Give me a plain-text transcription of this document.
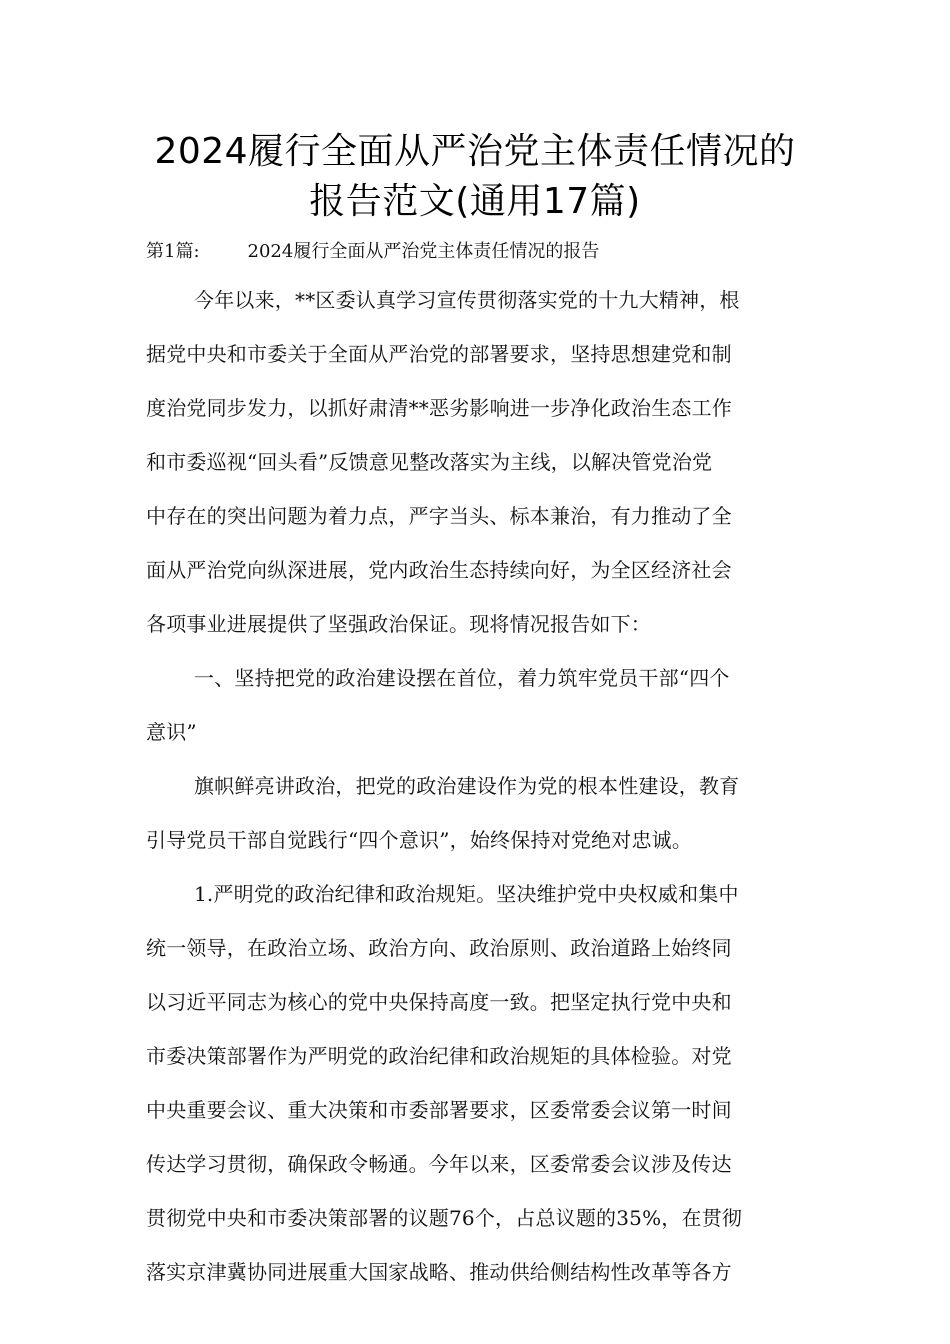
2024履行全面从严治党主体责任情况的
报告范文(通用17篇)
第1篇:	2024履行全面从严治党主体责任情况的报告
今年以来，**区委认真学习宣传贯彻落实党的十九大精神，根
据党中央和市委关于全面从严治党的部署要求，坚持思想建党和制
度治党同步发力，以抓好肃清**恶劣影响进一步净化政治生态工作
和市委巡视“回头看”反馈意见整改落实为主线，以解决管党治党
中存在的突出问题为着力点，严字当头、标本兼治，有力推动了全
面从严治党向纵深进展，党内政治生态持续向好，为全区经济社会
各项事业进展提供了坚强政治保证。现将情况报告如下：
一、坚持把党的政治建设摆在首位，着力筑牢党员干部“四个
意识”
旗帜鲜亮讲政治，把党的政治建设作为党的根本性建设，教育
引导党员干部自觉践行“四个意识”，始终保持对党绝对忠诚。
1.严明党的政治纪律和政治规矩。坚决维护党中央权威和集中
统一领导，在政治立场、政治方向、政治原则、政治道路上始终同
以习近平同志为核心的党中央保持高度一致。把坚定执行党中央和
市委决策部署作为严明党的政治纪律和政治规矩的具体检验。对党
中央重要会议、重大决策和市委部署要求，区委常委会议第一时间
传达学习贯彻，确保政令畅通。今年以来，区委常委会议涉及传达
贯彻党中央和市委决策部署的议题76个，占总议题的35%，在贯彻
落实京津冀协同进展重大国家战略、推动供给侧结构性改革等各方
